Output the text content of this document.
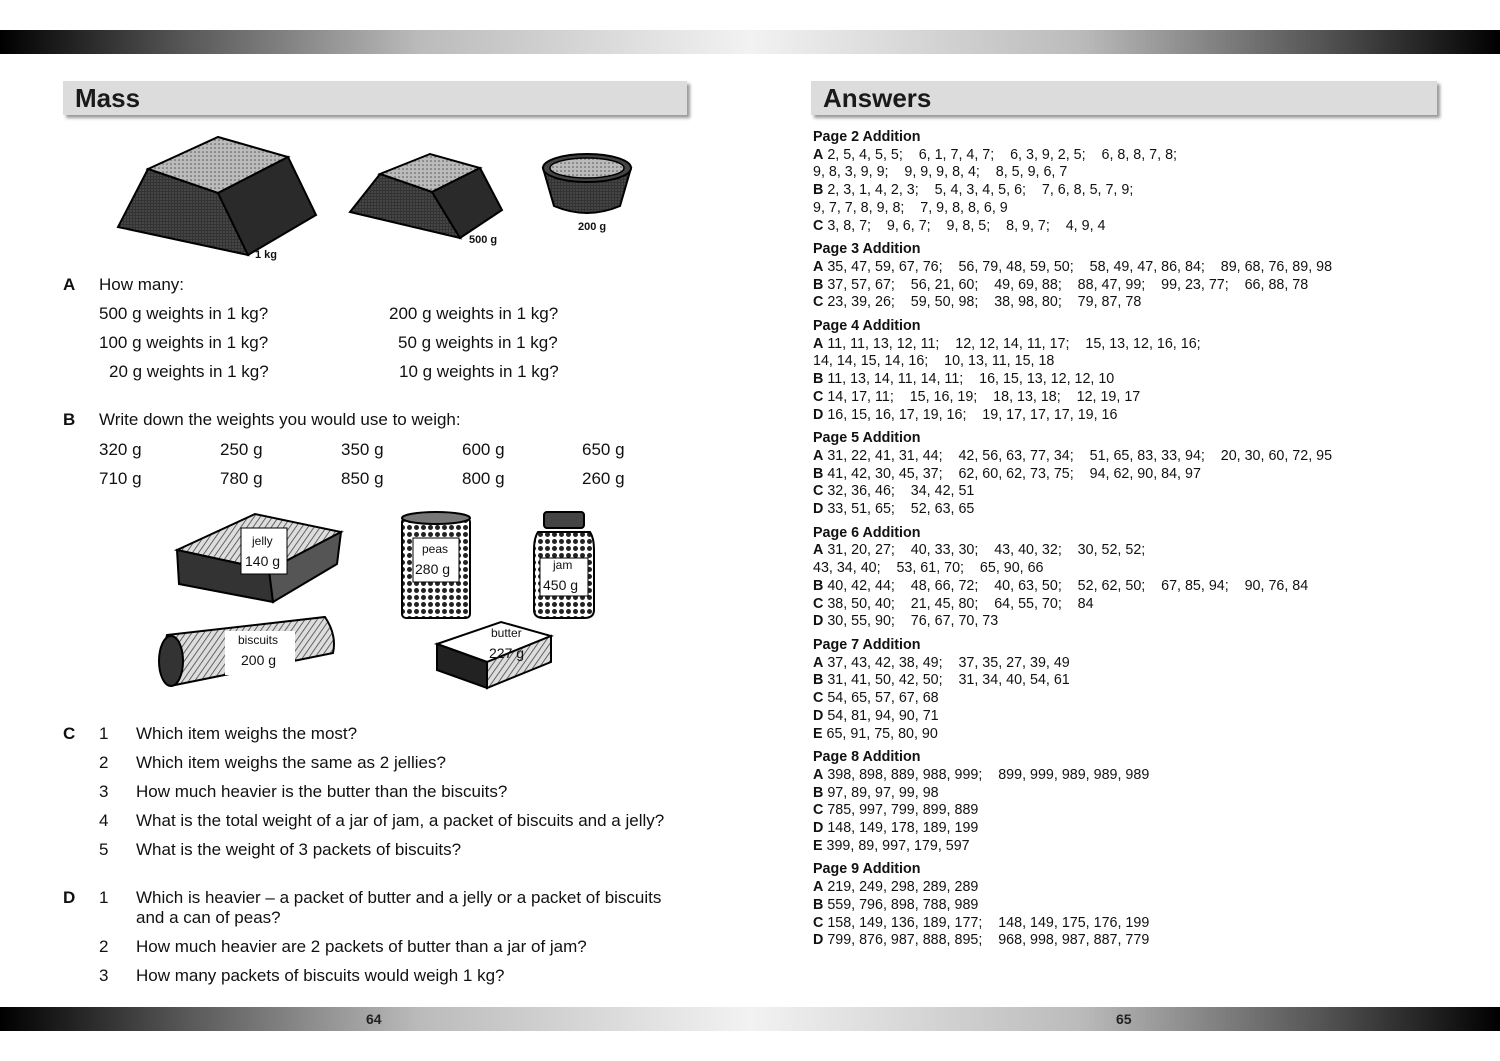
Mass
1 kg
500 g
200 g
A How many:
500 g weights in 1 kg?	200 g weights in 1 kg?
100 g weights in 1 kg?	50 g weights in 1 kg?
20 g weights in 1 kg?	10 g weights in 1 kg?
B Write down the weights you would use to weigh:
320 g	250 g	350 g	600 g	650 g
710 g	780 g	850 g	800 g	260 g
jelly
140 g
peas
280 g	jam
450 g
biscuits
200 g
butter
227 g
C 1 Which item weighs the most?
2 Which item weighs the same as 2 jellies?
3 How much heavier is the butter than the biscuits?
4 What is the total weight of a jar of jam, a packet of biscuits and a jelly?
5 What is the weight of 3 packets of biscuits?
D 1 Which is heavier – a packet of butter and a jelly or a packet of biscuits
and a can of peas?
2 How much heavier are 2 packets of butter than a jar of jam?
3 How many packets of biscuits would weigh 1 kg?
64
Answers
Page 2 Addition
A 2, 5, 4, 5, 5;    6, 1, 7, 4, 7;    6, 3, 9, 2, 5;    6, 8, 8, 7, 8;
9, 8, 3, 9, 9;    9, 9, 9, 8, 4;    8, 5, 9, 6, 7
B 2, 3, 1, 4, 2, 3;    5, 4, 3, 4, 5, 6;    7, 6, 8, 5, 7, 9;
9, 7, 7, 8, 9, 8;    7, 9, 8, 8, 6, 9
C 3, 8, 7;    9, 6, 7;    9, 8, 5;    8, 9, 7;    4, 9, 4
Page 3 Addition
A 35, 47, 59, 67, 76;    56, 79, 48, 59, 50;    58, 49, 47, 86, 84;    89, 68, 76, 89, 98
B 37, 57, 67;    56, 21, 60;    49, 69, 88;    88, 47, 99;    99, 23, 77;    66, 88, 78
C 23, 39, 26;    59, 50, 98;    38, 98, 80;    79, 87, 78
Page 4 Addition
A 11, 11, 13, 12, 11;    12, 12, 14, 11, 17;    15, 13, 12, 16, 16;
14, 14, 15, 14, 16;    10, 13, 11, 15, 18
B 11, 13, 14, 11, 14, 11;    16, 15, 13, 12, 12, 10
C 14, 17, 11;    15, 16, 19;    18, 13, 18;    12, 19, 17
D 16, 15, 16, 17, 19, 16;    19, 17, 17, 17, 19, 16
Page 5 Addition
A 31, 22, 41, 31, 44;    42, 56, 63, 77, 34;    51, 65, 83, 33, 94;    20, 30, 60, 72, 95
B 41, 42, 30, 45, 37;    62, 60, 62, 73, 75;    94, 62, 90, 84, 97
C 32, 36, 46;    34, 42, 51
D 33, 51, 65;    52, 63, 65
Page 6 Addition
A 31, 20, 27;    40, 33, 30;    43, 40, 32;    30, 52, 52;
43, 34, 40;    53, 61, 70;    65, 90, 66
B 40, 42, 44;    48, 66, 72;    40, 63, 50;    52, 62, 50;    67, 85, 94;    90, 76, 84
C 38, 50, 40;    21, 45, 80;    64, 55, 70;    84
D 30, 55, 90;    76, 67, 70, 73
Page 7 Addition
A 37, 43, 42, 38, 49;    37, 35, 27, 39, 49
B 31, 41, 50, 42, 50;    31, 34, 40, 54, 61
C 54, 65, 57, 67, 68
D 54, 81, 94, 90, 71
E 65, 91, 75, 80, 90
Page 8 Addition
A 398, 898, 889, 988, 999;    899, 999, 989, 989, 989
B 97, 89, 97, 99, 98
C 785, 997, 799, 899, 889
D 148, 149, 178, 189, 199
E 399, 89, 997, 179, 597
Page 9 Addition
A 219, 249, 298, 289, 289
B 559, 796, 898, 788, 989
C 158, 149, 136, 189, 177;    148, 149, 175, 176, 199
D 799, 876, 987, 888, 895;    968, 998, 987, 887, 779
65
